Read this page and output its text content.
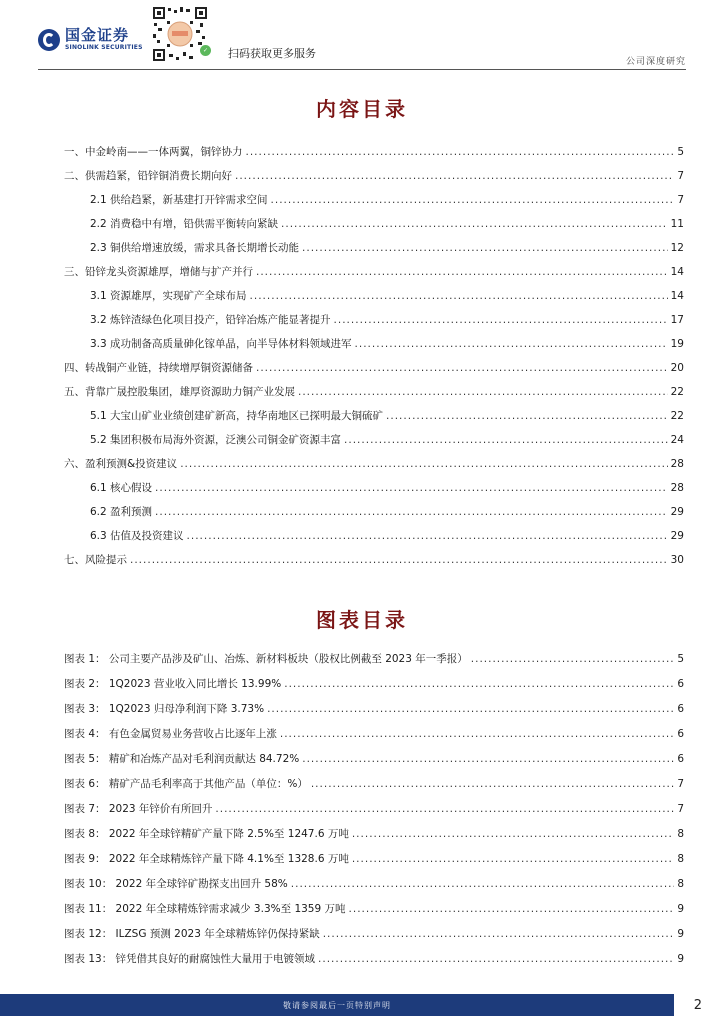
国金证券
SINOLINK SECURITIES	✓ 扫码获取更多服务
公司深度研究
内容目录
一、中金岭南——一体两翼，铜锌协力 .....	5
二、供需趋紧，铅锌铜消费长期向好 .....	7
2.1 供给趋紧，新基建打开锌需求空间 .....	7
2.2 消费稳中有增，铅供需平衡转向紧缺 .....	11
2.3 铜供给增速放缓，需求具备长期增长动能 .....	12
三、铅锌龙头资源雄厚，增储与扩产并行 .....	14
3.1 资源雄厚，实现矿产全球布局 .....	14
3.2 炼锌渣绿色化项目投产，铅锌冶炼产能显著提升 .....	17
3.3 成功制备高质量砷化镓单晶，向半导体材料领域进军 .....	19
四、转战铜产业链，持续增厚铜资源储备 .....	20
五、背靠广晟控股集团，雄厚资源助力铜产业发展 .....	22
5.1 大宝山矿业业绩创建矿新高，持华南地区已探明最大铜硫矿 .....	22
5.2 集团积极布局海外资源，泛澳公司铜金矿资源丰富 .....	24
六、盈利预测&投资建议 .....	28
6.1 核心假设 .....	28
6.2 盈利预测 .....	29
6.3 估值及投资建议 .....	29
七、风险提示 .....	30
图表目录
图表 1： 公司主要产品涉及矿山、冶炼、新材料板块（股权比例截至 2023 年一季报） .....	5
图表 2： 1Q2023 营业收入同比增长 13.99% .....	6
图表 3： 1Q2023 归母净利润下降 3.73% .....	6
图表 4： 有色金属贸易业务营收占比逐年上涨 .....	6
图表 5： 精矿和冶炼产品对毛利润贡献达 84.72% .....	6
图表 6： 精矿产品毛利率高于其他产品（单位：%） .....	7
图表 7： 2023 年锌价有所回升 .....	7
图表 8： 2022 年全球锌精矿产量下降 2.5%至 1247.6 万吨 .....	8
图表 9： 2022 年全球精炼锌产量下降 4.1%至 1328.6 万吨 .....	8
图表 10： 2022 年全球锌矿勘探支出回升 58% .....	8
图表 11： 2022 年全球精炼锌需求减少 3.3%至 1359 万吨 .....	9
图表 12： ILZSG 预测 2023 年全球精炼锌仍保持紧缺 .....	9
图表 13： 锌凭借其良好的耐腐蚀性大量用于电镀领域 .....	9
敬请参阅最后一页特别声明	2
